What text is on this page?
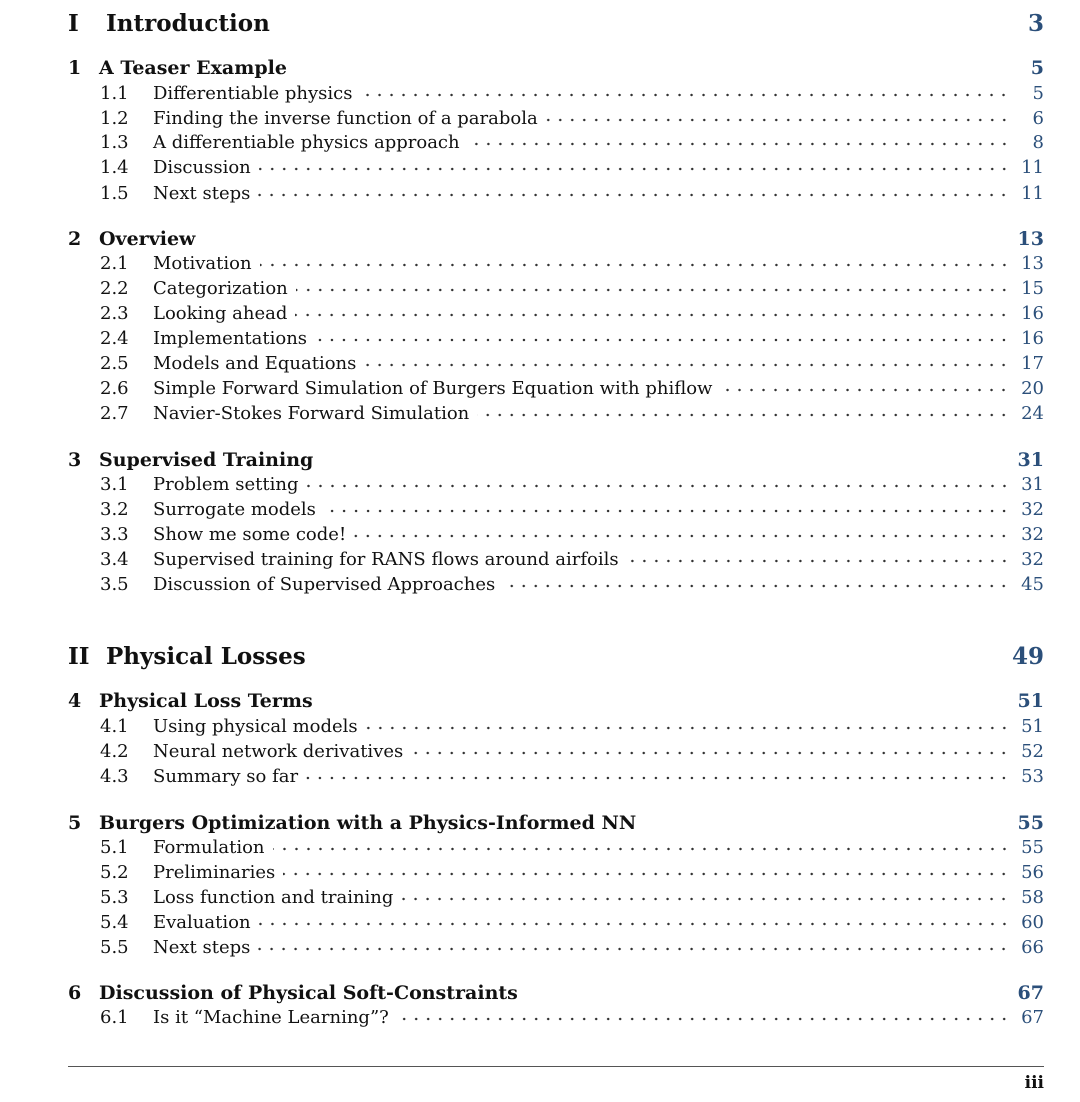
I	Introduction	3
1 A Teaser Example	5
1.1	Differentiable physics	5
1.2	Finding the inverse function of a parabola	6
1.3	A differentiable physics approach	8
1.4	Discussion	11
1.5	Next steps	11
2 Overview	13
2.1	Motivation	13
2.2	Categorization	15
2.3	Looking ahead	16
2.4	Implementations	16
2.5	Models and Equations	17
2.6	Simple Forward Simulation of Burgers Equation with phiflow	20
2.7	Navier-Stokes Forward Simulation	24
3 Supervised Training	31
3.1	Problem setting	31
3.2	Surrogate models	32
3.3	Show me some code!	32
3.4	Supervised training for RANS flows around airfoils	32
3.5	Discussion of Supervised Approaches	45
II Physical Losses	49
4 Physical Loss Terms	51
4.1	Using physical models	51
4.2	Neural network derivatives	52
4.3	Summary so far	53
5 Burgers Optimization with a Physics-Informed NN	55
5.1	Formulation	55
5.2	Preliminaries	56
5.3	Loss function and training	58
5.4	Evaluation	60
5.5	Next steps	66
6 Discussion of Physical Soft-Constraints	67
6.1	Is it “Machine Learning”?	67
iii
